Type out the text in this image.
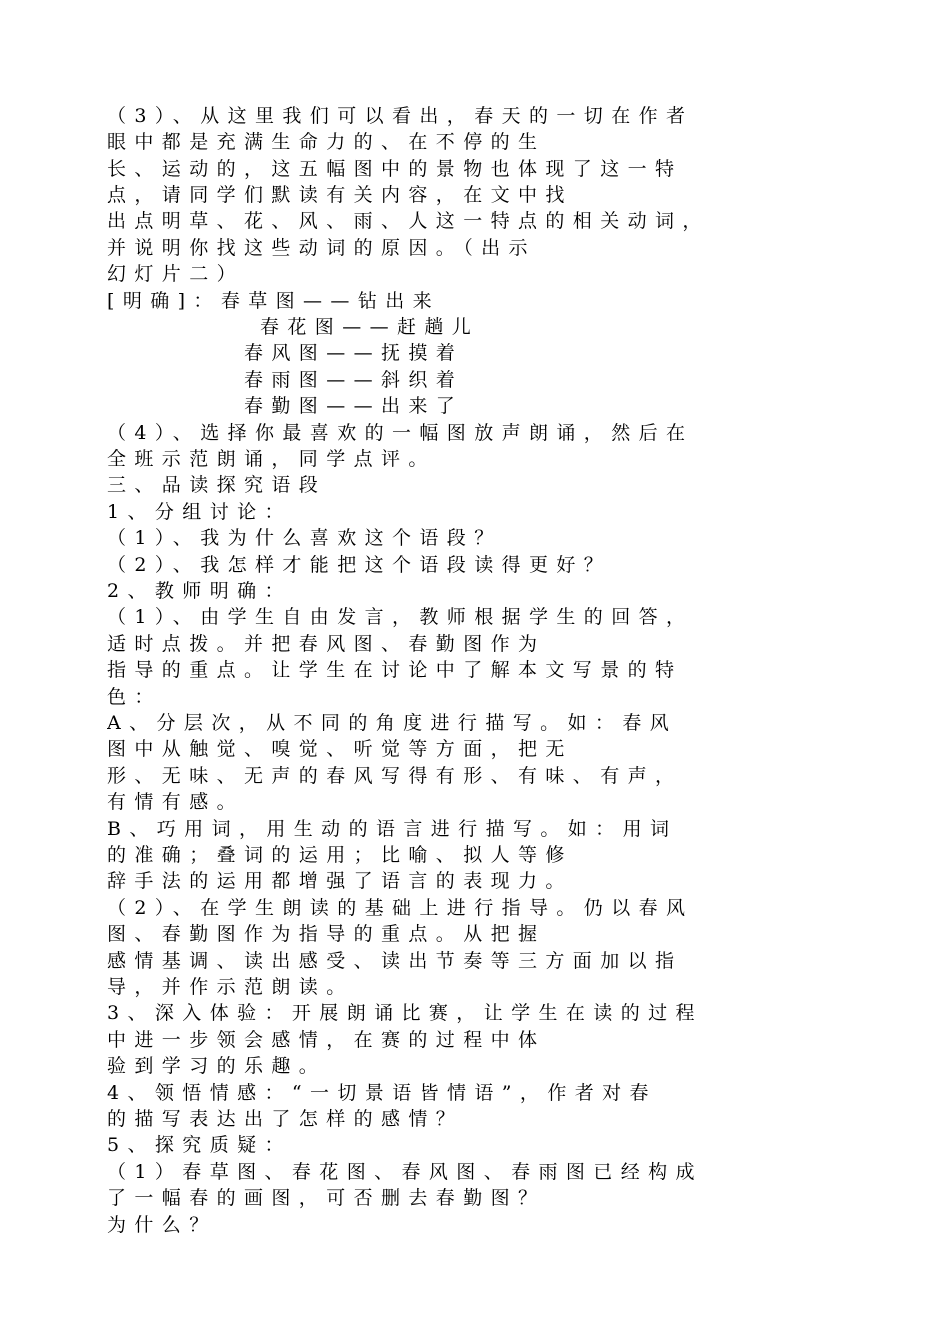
（3）、从这里我们可以看出，春天的一切在作者
眼中都是充满生命力的、在不停的生
长、运动的，这五幅图中的景物也体现了这一特
点，请同学们默读有关内容，在文中找
出点明草、花、风、雨、人这一特点的相关动词，
并说明你找这些动词的原因。（出示
幻灯片二）
[明确]：春草图——钻出来
春花图——赶趟儿
春风图——抚摸着
春雨图——斜织着
春勤图——出来了
（4）、选择你最喜欢的一幅图放声朗诵，然后在
全班示范朗诵，同学点评。
三、品读探究语段
1、分组讨论：
（1）、我为什么喜欢这个语段？
（2）、我怎样才能把这个语段读得更好？
2、教师明确：
（1）、由学生自由发言，教师根据学生的回答，
适时点拨。并把春风图、春勤图作为
指导的重点。让学生在讨论中了解本文写景的特
色：
A、分层次，从不同的角度进行描写。如：春风
图中从触觉、嗅觉、听觉等方面，把无
形、无味、无声的春风写得有形、有味、有声，
有情有感。
B、巧用词，用生动的语言进行描写。如：用词
的准确；叠词的运用；比喻、拟人等修
辞手法的运用都增强了语言的表现力。
（2）、在学生朗读的基础上进行指导。仍以春风
图、春勤图作为指导的重点。从把握
感情基调、读出感受、读出节奏等三方面加以指
导，并作示范朗读。
3、深入体验：开展朗诵比赛，让学生在读的过程
中进一步领会感情，在赛的过程中体
验到学习的乐趣。
4、领悟情感：“一切景语皆情语”，作者对春
的描写表达出了怎样的感情？
5、探究质疑：
（1）春草图、春花图、春风图、春雨图已经构成
了一幅春的画图，可否删去春勤图？
为什么？
